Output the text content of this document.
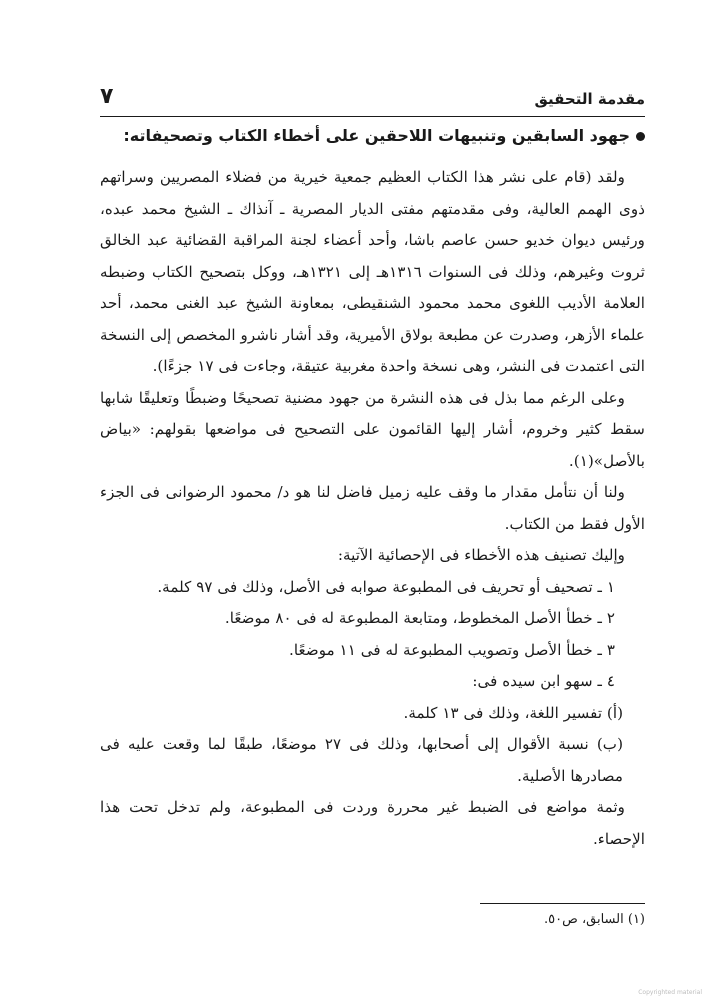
مقدمة التحقيق
٧
جهود السابقين وتنبيهات اللاحقين على أخطاء الكتاب وتصحيفاته:

ولقد (قام على نشر هذا الكتاب العظيم جمعية خيرية من فضلاء المصريين وسراتهم ذوى الهمم العالية، وفى مقدمتهم مفتى الديار المصرية ـ آنذاك ـ الشيخ محمد عبده، ورئيس ديوان خديو حسن عاصم باشا، وأحد أعضاء لجنة المراقبة القضائية عبد الخالق ثروت وغيرهم، وذلك فى السنوات ١٣١٦هـ إلى ١٣٢١هـ، ووكل بتصحيح الكتاب وضبطه العلامة الأديب اللغوى محمد محمود الشنقيطى، بمعاونة الشيخ عبد الغنى محمد، أحد علماء الأزهر، وصدرت عن مطبعة بولاق الأميرية، وقد أشار ناشرو المخصص إلى النسخة التى اعتمدت فى النشر، وهى نسخة واحدة مغربية عتيقة، وجاءت فى ١٧ جزءًا).

وعلى الرغم مما بذل فى هذه النشرة من جهود مضنية تصحيحًا وضبطًا وتعليقًا شابها سقط كثير وخروم، أشار إليها القائمون على التصحيح فى مواضعها بقولهم: «بياض بالأصل»(١).

ولنا أن نتأمل مقدار ما وقف عليه زميل فاضل لنا هو د/ محمود الرضوانى فى الجزء الأول فقط من الكتاب.

وإليك تصنيف هذه الأخطاء فى الإحصائية الآتية:

١ ـ تصحيف أو تحريف فى المطبوعة صوابه فى الأصل، وذلك فى ٩٧ كلمة.

٢ ـ خطأ الأصل المخطوط، ومتابعة المطبوعة له فى ٨٠ موضعًا.

٣ ـ خطأ الأصل وتصويب المطبوعة له فى ١١ موضعًا.

٤ ـ سهو ابن سيده فى:

(أ) تفسير اللغة، وذلك فى ١٣ كلمة.

(ب) نسبة الأقوال إلى أصحابها، وذلك فى ٢٧ موضعًا، طبقًا لما وقعت عليه فى مصادرها الأصلية.

وثمة مواضع فى الضبط غير محررة وردت فى المطبوعة، ولم تدخل تحت هذا الإحصاء.

(١) السابق، ص٥٠.
Copyrighted material
